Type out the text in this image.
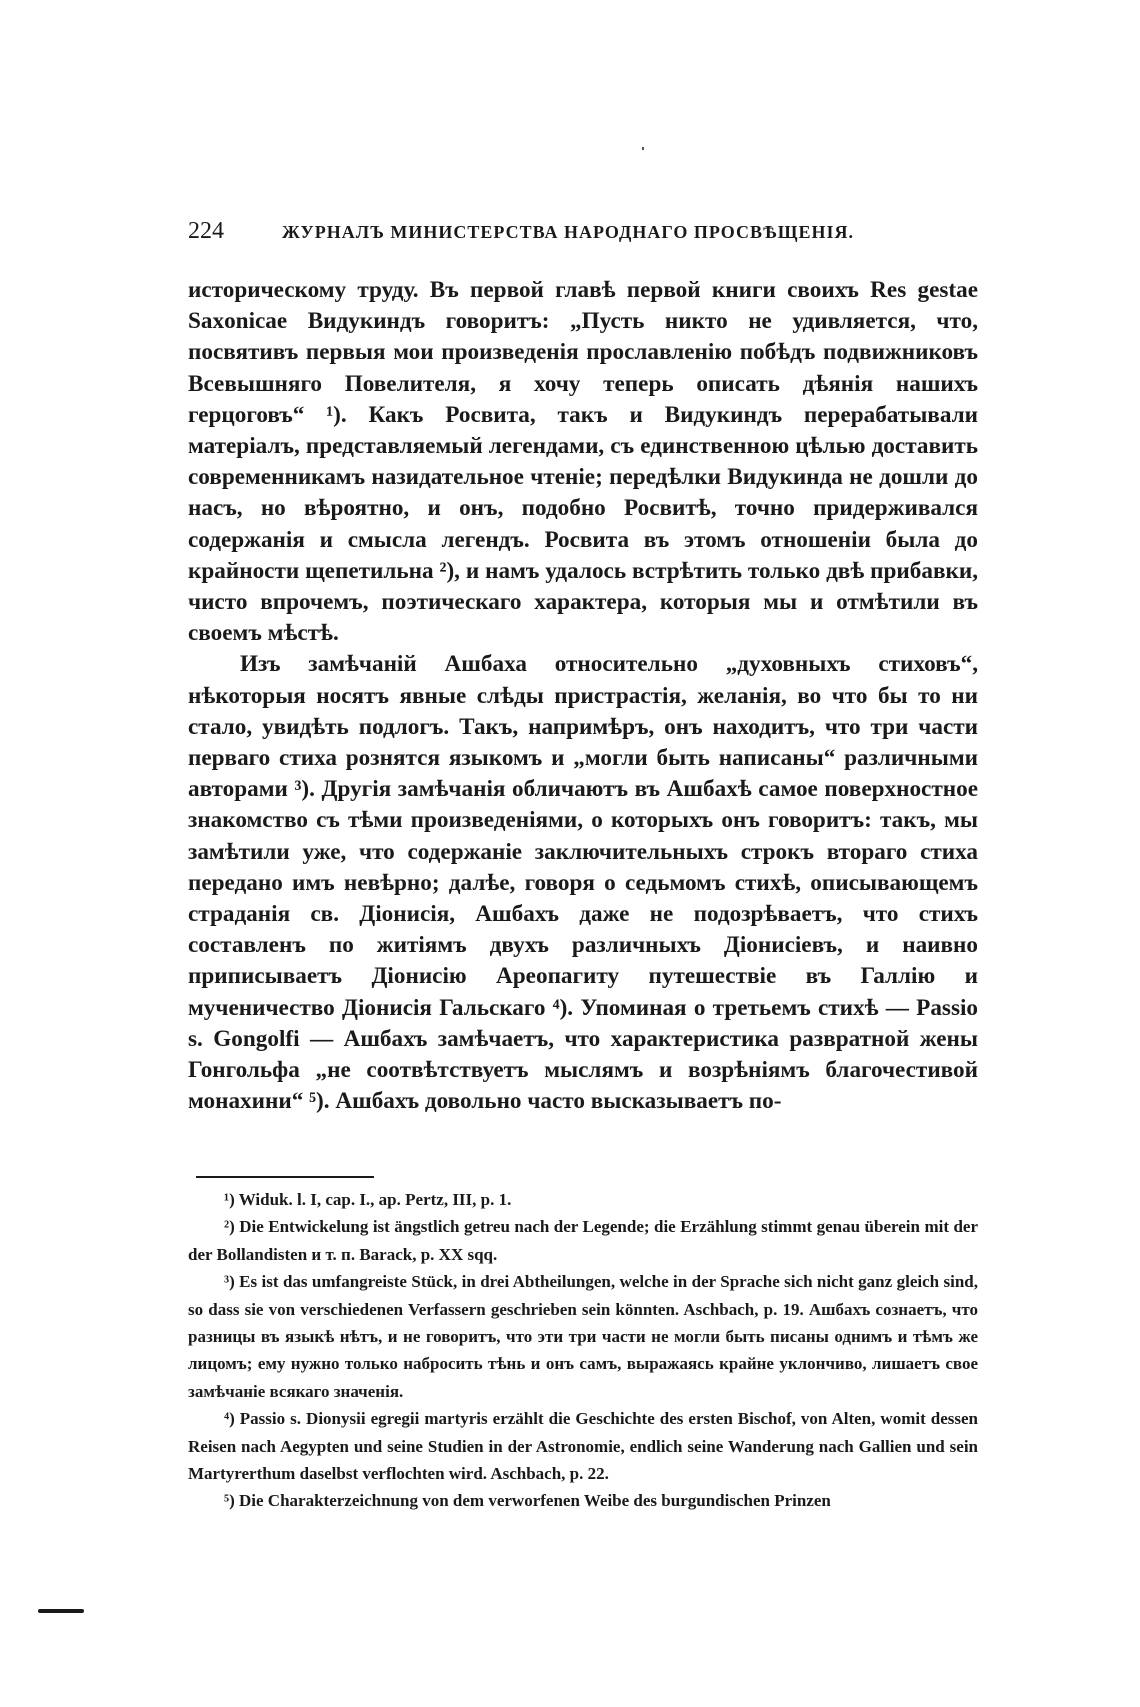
224	ЖУРНАЛЪ МИНИСТЕРСТВА НАРОДНАГО ПРОСВѢЩЕНІЯ.

историческому труду. Въ первой главѣ первой книги своихъ Res gestae Saxonicae Видукиндъ говоритъ: „Пусть никто не удивляется, что, посвятивъ первыя мои произведенія прославленію побѣдъ подвижниковъ Всевышняго Повелителя, я хочу теперь описать дѣянія нашихъ герцоговъ“ ¹). Какъ Росвита, такъ и Видукиндъ перерабатывали матеріалъ, представляемый легендами, съ единственною цѣлью доставить современникамъ назидательное чтеніе; передѣлки Видукинда не дошли до насъ, но вѣроятно, и онъ, подобно Росвитѣ, точно придерживался содержанія и смысла легендъ. Росвита въ этомъ отношеніи была до крайности щепетильна ²), и намъ удалось встрѣтить только двѣ прибавки, чисто впрочемъ, поэтическаго характера, которыя мы и отмѣтили въ своемъ мѣстѣ.

Изъ замѣчаній Ашбаха относительно „духовныхъ стиховъ“, нѣкоторыя носятъ явные слѣды пристрастія, желанія, во что бы то ни стало, увидѣть подлогъ. Такъ, напримѣръ, онъ находитъ, что три части перваго стиха рознятся языкомъ и „могли быть написаны“ различными авторами ³). Другія замѣчанія обличаютъ въ Ашбахѣ самое поверхностное знакомство съ тѣми произведеніями, о которыхъ онъ говоритъ: такъ, мы замѣтили уже, что содержаніе заключительныхъ строкъ втораго стиха передано имъ невѣрно; далѣе, говоря о седьмомъ стихѣ, описывающемъ страданія св. Діонисія, Ашбахъ даже не подозрѣваетъ, что стихъ составленъ по житіямъ двухъ различныхъ Діонисіевъ, и наивно приписываетъ Діонисію Ареопагиту путешествіе въ Галлію и мученичество Діонисія Гальскаго ⁴). Упоминая о третьемъ стихѣ — Passio s. Gongolfi — Ашбахъ замѣчаетъ, что характеристика развратной жены Гонгольфа „не соотвѣтствуетъ мыслямъ и возрѣніямъ благочестивой монахини“ ⁵). Ашбахъ довольно часто высказываетъ по-

¹) Widuk. l. I, cap. I., ap. Pertz, III, p. 1.

²) Die Entwickelung ist ängstlich getreu nach der Legende; die Erzählung stimmt genau überein mit der der Bollandisten и т. п. Barack, p. XX sqq.

³) Es ist das umfangreiste Stück, in drei Abtheilungen, welche in der Sprache sich nicht ganz gleich sind, so dass sie von verschiedenen Verfassern geschrieben sein könnten. Aschbach, p. 19. Ашбахъ сознаетъ, что разницы въ языкѣ нѣтъ, и не говоритъ, что эти три части не могли быть писаны однимъ и тѣмъ же лицомъ; ему нужно только набросить тѣнь и онъ самъ, выражаясь крайне уклончиво, лишаетъ свое замѣчаніе всякаго значенія.

⁴) Passio s. Dionysii egregii martyris erzählt die Geschichte des ersten Bischof, von Alten, womit dessen Reisen nach Aegypten und seine Studien in der Astronomie, endlich seine Wanderung nach Gallien und sein Martyrerthum daselbst verflochten wird. Aschbach, p. 22.

⁵) Die Charakterzeichnung von dem verworfenen Weibe des burgundischen Prinzen
